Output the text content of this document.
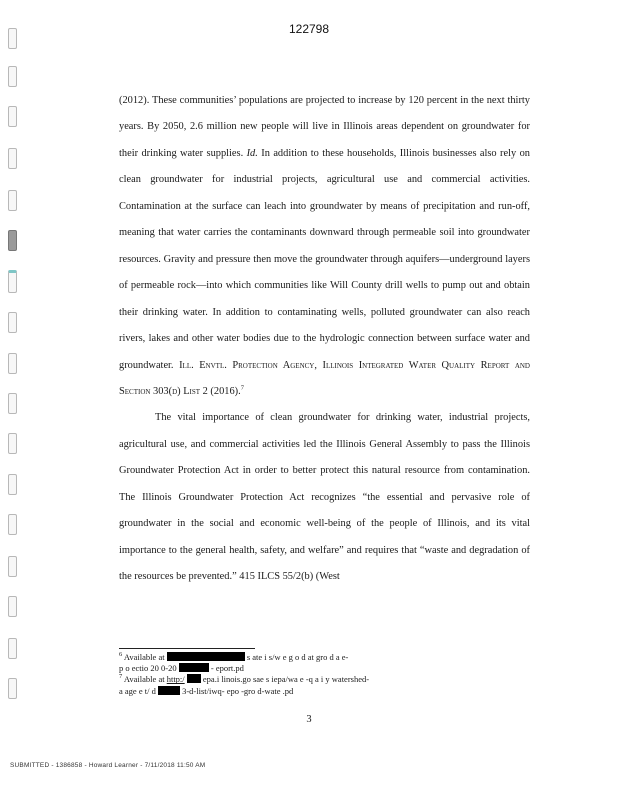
122798
(2012). These communities’ populations are projected to increase by 120 percent in the next thirty years. By 2050, 2.6 million new people will live in Illinois areas dependent on groundwater for their drinking water supplies. Id. In addition to these households, Illinois businesses also rely on clean groundwater for industrial projects, agricultural use and commercial activities. Contamination at the surface can leach into groundwater by means of precipitation and run-off, meaning that water carries the contaminants downward through permeable soil into groundwater resources. Gravity and pressure then move the groundwater through aquifers—underground layers of permeable rock—into which communities like Will County drill wells to pump out and obtain their drinking water. In addition to contaminating wells, polluted groundwater can also reach rivers, lakes and other water bodies due to the hydrologic connection between surface water and groundwater. Ill. Envtl. Protection Agency, Illinois Integrated Water Quality Report and Section 303(d) List 2 (2016).$^7$
The vital importance of clean groundwater for drinking water, industrial projects, agricultural use, and commercial activities led the Illinois General Assembly to pass the Illinois Groundwater Protection Act in order to better protect this natural resource from contamination. The Illinois Groundwater Protection Act recognizes “the essential and pervasive role of groundwater in the social and economic well-being of the people of Illinois, and its vital importance to the general health, safety, and welfare” and requires that “waste and degradation of the resources be prevented.” 415 ILCS 55/2(b) (West

$^6$ Available at	s ate i s/w e g o d at gro d a e-
p o ectio 20 0-20	- eport.pd

$^7$ Available at http:/ epa.i linois.go sae s iepa/wa e -q a i y watershed-
a age e t/ d	3-d-list/iwq- epo -gro d-wate .pd

3
SUBMITTED - 1386858 - Howard Learner - 7/11/2018 11:50 AM
